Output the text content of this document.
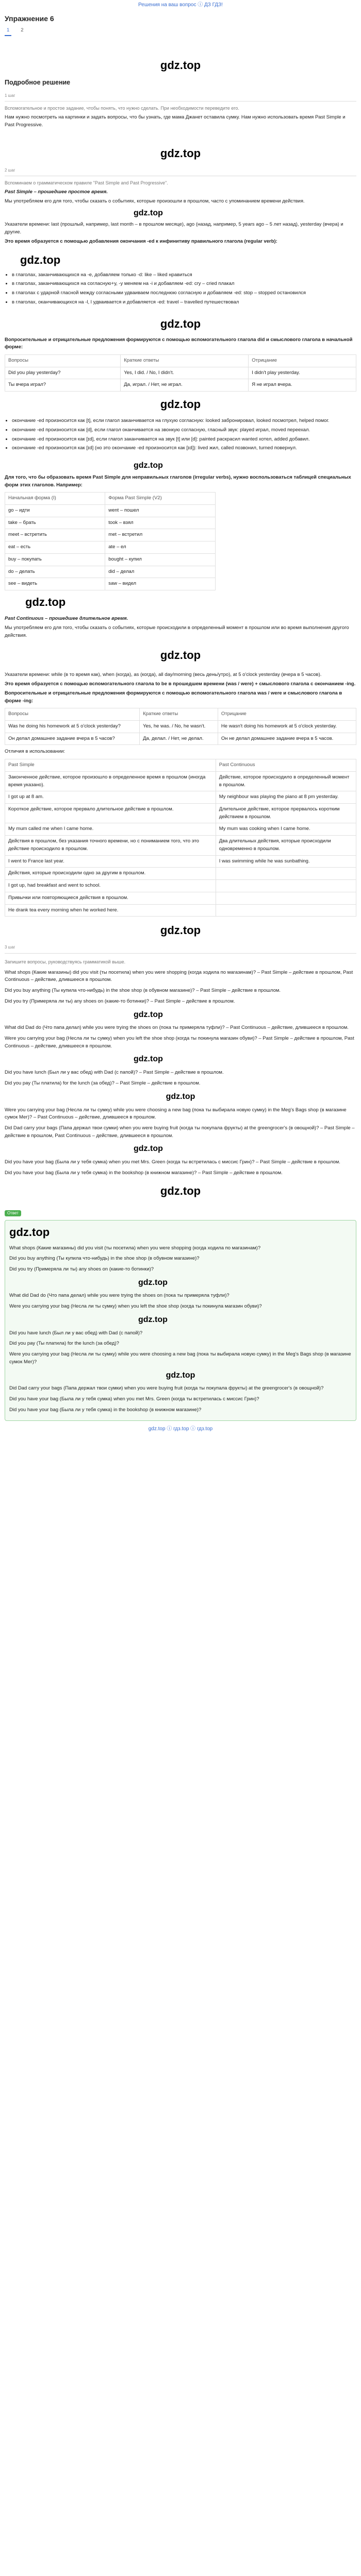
Решения на ваш вопрос ⓘ ДЗ ГДЗ!
Упражнение 6
1	2
gdz.top
Подробное решение
1 шаг

Вспомогательное и простое задание, чтобы понять, что нужно сделать. При необходимости переведите его.

Нам нужно посмотреть на картинки и задать вопросы, что бы узнать, где мама Джанет оставила сумку. Нам нужно использовать время Past Simple и Past Progressive.

gdz.top
2 шаг

Вспоминаем о грамматическом правиле "Past Simple and Past Progressive".

Past Simple – прошедшее простое время.

Мы употребляем его для того, чтобы сказать о событиях, которые произошли в прошлом, часто с упоминанием времени действия.

gdz.top

Указатели времени: last (прошлый, например, last month – в прошлом месяце), ago (назад, например, 5 years ago – 5 лет назад), yesterday (вчера) и другие.

Это время образуется с помощью добавления окончания -ed к инфинитиву правильного глагола (regular verb):

gdz.top
• в глаголах, заканчивающихся на -е, добавляем только -d: like – liked нравиться
• в глаголах, заканчивающихся на согласную+у, -у меняем на -i и добавляем -ed: cry – cried плакал
• в глаголах с ударной гласной между согласными удваиваем последнюю согласную и добавляем -ed: stop – stopped остановился
• в глаголах, оканчивающихся на -l, l удваивается и добавляется -ed: travel – travelled путешествовал
gdz.top

Вопросительные и отрицательные предложения формируются с помощью вспомогательного глагола did и смыслового глагола в начальной форме:

Вопросы	Краткие ответы	Отрицание
Did you play yesterday?	Yes, I did. / No, I didn't.	I didn't play yesterday.
Ты вчера играл?	Да, играл. / Нет, не играл.	Я не играл вчера.
gdz.top
• окончание -ed произносится как [t], если глагол заканчивается на глухую согласную: looked забронировал, looked посмотрел, helped помог.
• окончание -ed произносится как [d], если глагол оканчивается на звонкую согласную, гласный звук: played играл, moved переехал.
• окончание -ed произносится как [ɪd], если глагол заканчивается на звук [t] или [d]: painted раскрасил wanted хотел, added добавил.
• окончание -ed произносится как [ɪd] (но это окончание -ed произносится как [ɪd]): lived жил, called позвонил, turned повернул.
gdz.top

Для того, что бы образовать время Past Simple для неправильных глаголов (irregular verbs), нужно воспользоваться таблицей специальных форм этих глаголов. Например:

Начальная форма (I)	Форма Past Simple (V2)
go – идти	went – пошел
take – брать	took – взял
meet – встретить	met – встретил
eat – есть	ate – ел
buy – покупать	bought – купил
do – делать	did – делал
see – видеть	saw – видел
gdz.top

Past Continuous – прошедшее длительное время.

Мы употребляем его для того, чтобы сказать о событиях, которые происходили в определенный момент в прошлом или во время выполнения другого действия.

gdz.top

Указатели времени: while (в то время как), when (когда), as (когда), all day/morning (весь день/утро), at 5 o'clock yesterday (вчера в 5 часов).

Это время образуется с помощью вспомогательного глагола to be в прошедшем времени (was / were) + смыслового глагола с окончанием -ing.

Вопросительные и отрицательные предложения формируются с помощью вспомогательного глагола was / were и смыслового глагола в форме -ing:

Вопросы	Краткие ответы	Отрицание
Was he doing his homework at 5 o'clock yesterday?	Yes, he was. / No, he wasn't.	He wasn't doing his homework at 5 o'clock yesterday.
Он делал домашнее задание вчера в 5 часов?	Да, делал. / Нет, не делал.	Он не делал домашнее задание вчера в 5 часов.

Отличия в использовании:

Past Simple	Past Continuous
Законченное действие, которое произошло в определенное время в прошлом (иногда время указано).	Действие, которое происходило в определенный момент в прошлом.
I got up at 8 am.	My neighbour was playing the piano at 8 pm yesterday.
Короткое действие, которое прервало длительное действие в прошлом.	Длительное действие, которое прервалось коротким действием в прошлом.
My mum called me when I came home.	My mum was cooking when I came home.
Действия в прошлом, без указания точного времени, но с пониманием того, что это действие происходило в прошлом.	Два длительных действия, которые происходили одновременно в прошлом.
I went to France last year.	I was swimming while he was sunbathing.
Действия, которые происходили одно за другим в прошлом.	
I got up, had breakfast and went to school.	
Привычки или повторяющиеся действия в прошлом.	
He drank tea every morning when he worked here.	
gdz.top
3 шаг

Запишите вопросы, руководствуясь грамматикой выше.

What shops (Какие магазины) did you visit (ты посетила) when you were shopping (когда ходила по магазинам)? – Past Simple – действие в прошлом, Past Continuous – действие, длившееся в прошлом.

Did you buy anything (Ты купила что-нибудь) in the shoe shop (в обувном магазине)? – Past Simple – действие в прошлом.

Did you try (Примеряла ли ты) any shoes on (какие-то ботинки)? – Past Simple – действие в прошлом.

gdz.top

What did Dad do (Что папа делал) while you were trying the shoes on (пока ты примеряла туфли)? – Past Continuous – действие, длившееся в прошлом.

Were you carrying your bag (Несла ли ты сумку) when you left the shoe shop (когда ты покинула магазин обуви)? – Past Simple – действие в прошлом, Past Continuous – действие, длившееся в прошлом.

gdz.top

Did you have lunch (Был ли у вас обед) with Dad (с папой)? – Past Simple – действие в прошлом.

Did you pay (Ты платила) for the lunch (за обед)? – Past Simple – действие в прошлом.

gdz.top

Were you carrying your bag (Несла ли ты сумку) while you were choosing a new bag (пока ты выбирала новую сумку) in the Meg's Bags shop (в магазине сумок Мег)? – Past Continuous – действие, длившееся в прошлом.

Did Dad carry your bags (Папа держал твои сумки) when you were buying fruit (когда ты покупала фрукты) at the greengrocer's (в овощной)? – Past Simple – действие в прошлом, Past Continuous – действие, длившееся в прошлом.

gdz.top

Did you have your bag (Была ли у тебя сумка) when you met Mrs. Green (когда ты встретилась с миссис Грин)? – Past Simple – действие в прошлом.

Did you have your bag (Была ли у тебя сумка) in the bookshop (в книжном магазине)? – Past Simple – действие в прошлом.

gdz.top
Ответ
gdz.top

What shops (Какие магазины) did you visit (ты посетила) when you were shopping (когда ходила по магазинам)?

Did you buy anything (Ты купила что-нибудь) in the shoe shop (в обувном магазине)?

Did you try (Примеряла ли ты) any shoes on (какие-то ботинки)?

gdz.top

What did Dad do (Что папа делал) while you were trying the shoes on (пока ты примеряла туфли)?

Were you carrying your bag (Несла ли ты сумку) when you left the shoe shop (когда ты покинула магазин обуви)?

gdz.top

Did you have lunch (Был ли у вас обед) with Dad (с папой)?

Did you pay (Ты платила) for the lunch (за обед)?

Were you carrying your bag (Несла ли ты сумку) while you were choosing a new bag (пока ты выбирала новую сумку) in the Meg's Bags shop (в магазине сумок Мег)?

gdz.top

Did Dad carry your bags (Папа держал твои сумки) when you were buying fruit (когда ты покупала фрукты) at the greengrocer's (в овощной)?

Did you have your bag (Была ли у тебя сумка) when you met Mrs. Green (когда ты встретилась с миссис Грин)?

Did you have your bag (Была ли у тебя сумка) in the bookshop (в книжном магазине)?

gdz.top ⓘ гдз.top ⓘ гдз.top
